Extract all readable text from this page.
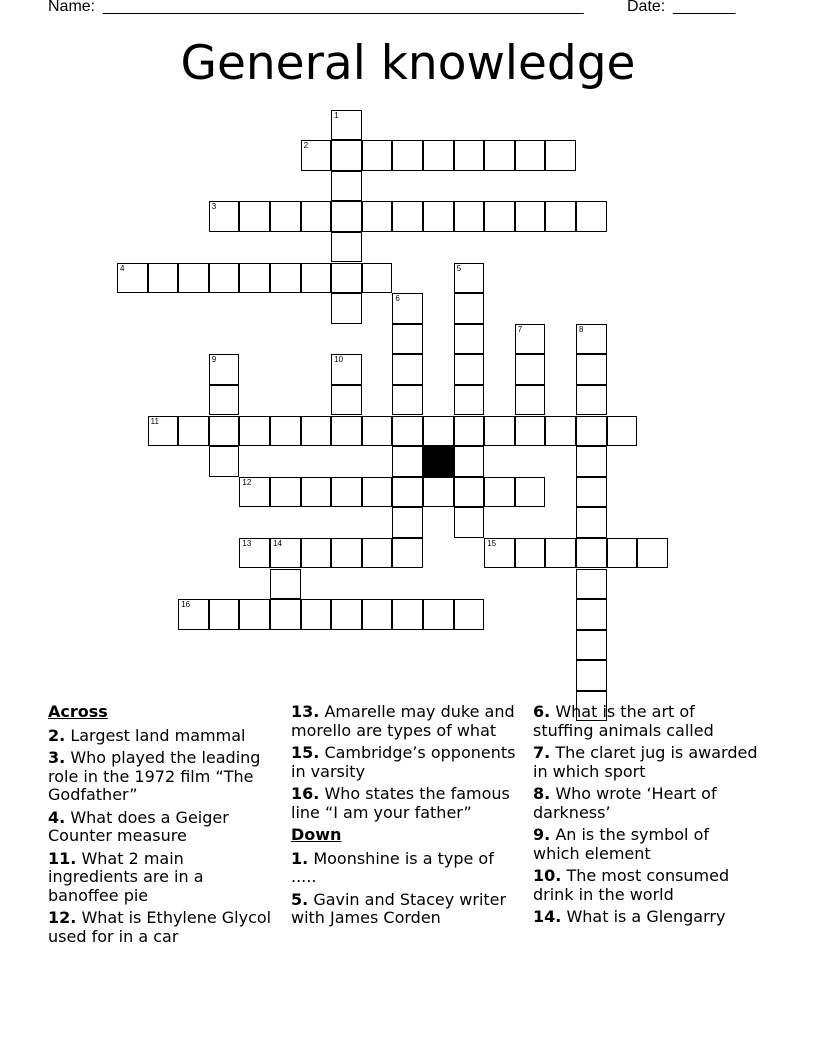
Name: ______________________________________________________	Date: _______
General knowledge
2
3
4
11
12
13	14	15
16
1
5
6
7	8
9	10
Across
2. Largest land mammal
3. Who played the leading role in the 1972 film “The Godfather”
4. What does a Geiger Counter measure
11. What 2 main ingredients are in a banoffee pie
12. What is Ethylene Glycol used for in a car
13. Amarelle may duke and morello are types of what
15. Cambridge’s opponents in varsity
16. Who states the famous line “I am your father”
Down
1. Moonshine is a type of .....
5. Gavin and Stacey writer with James Corden
6. What is the art of stuffing animals called
7. The claret jug is awarded in which sport
8. Who wrote ‘Heart of darkness’
9. An is the symbol of which element
10. The most consumed drink in the world
14. What is a Glengarry
